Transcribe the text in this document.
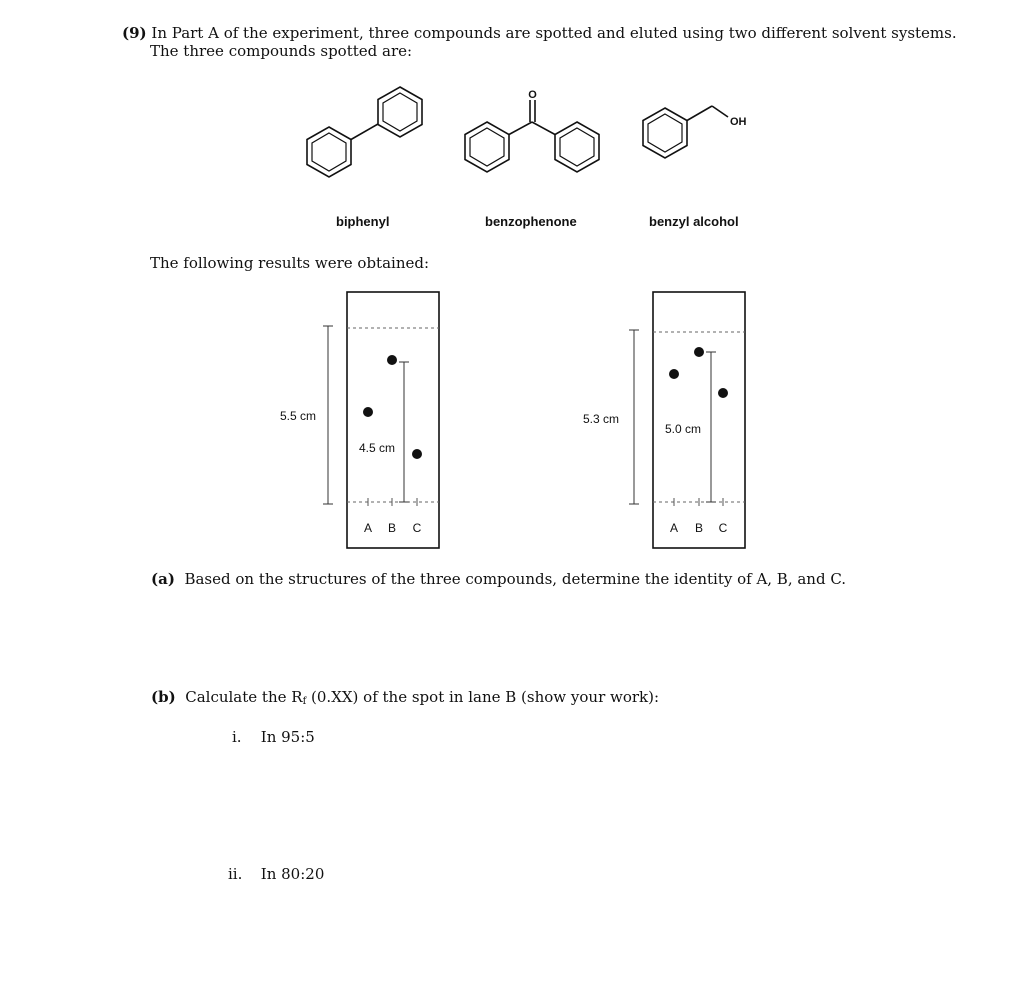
(9) In Part A of the experiment, three compounds are spotted and eluted using two different solvent systems.
The three compounds spotted are:
biphenyl
O
benzophenone
OH
benzyl alcohol
The following results were obtained:
5.5 cm
4.5 cm
A B C
5.3 cm
5.0 cm
A B C
(a) Based on the structures of the three compounds, determine the identity of A, B, and C.
(b) Calculate the $R_f$ (0.XX) of the spot in lane B (show your work):
i. In 95:5
ii. In 80:20
